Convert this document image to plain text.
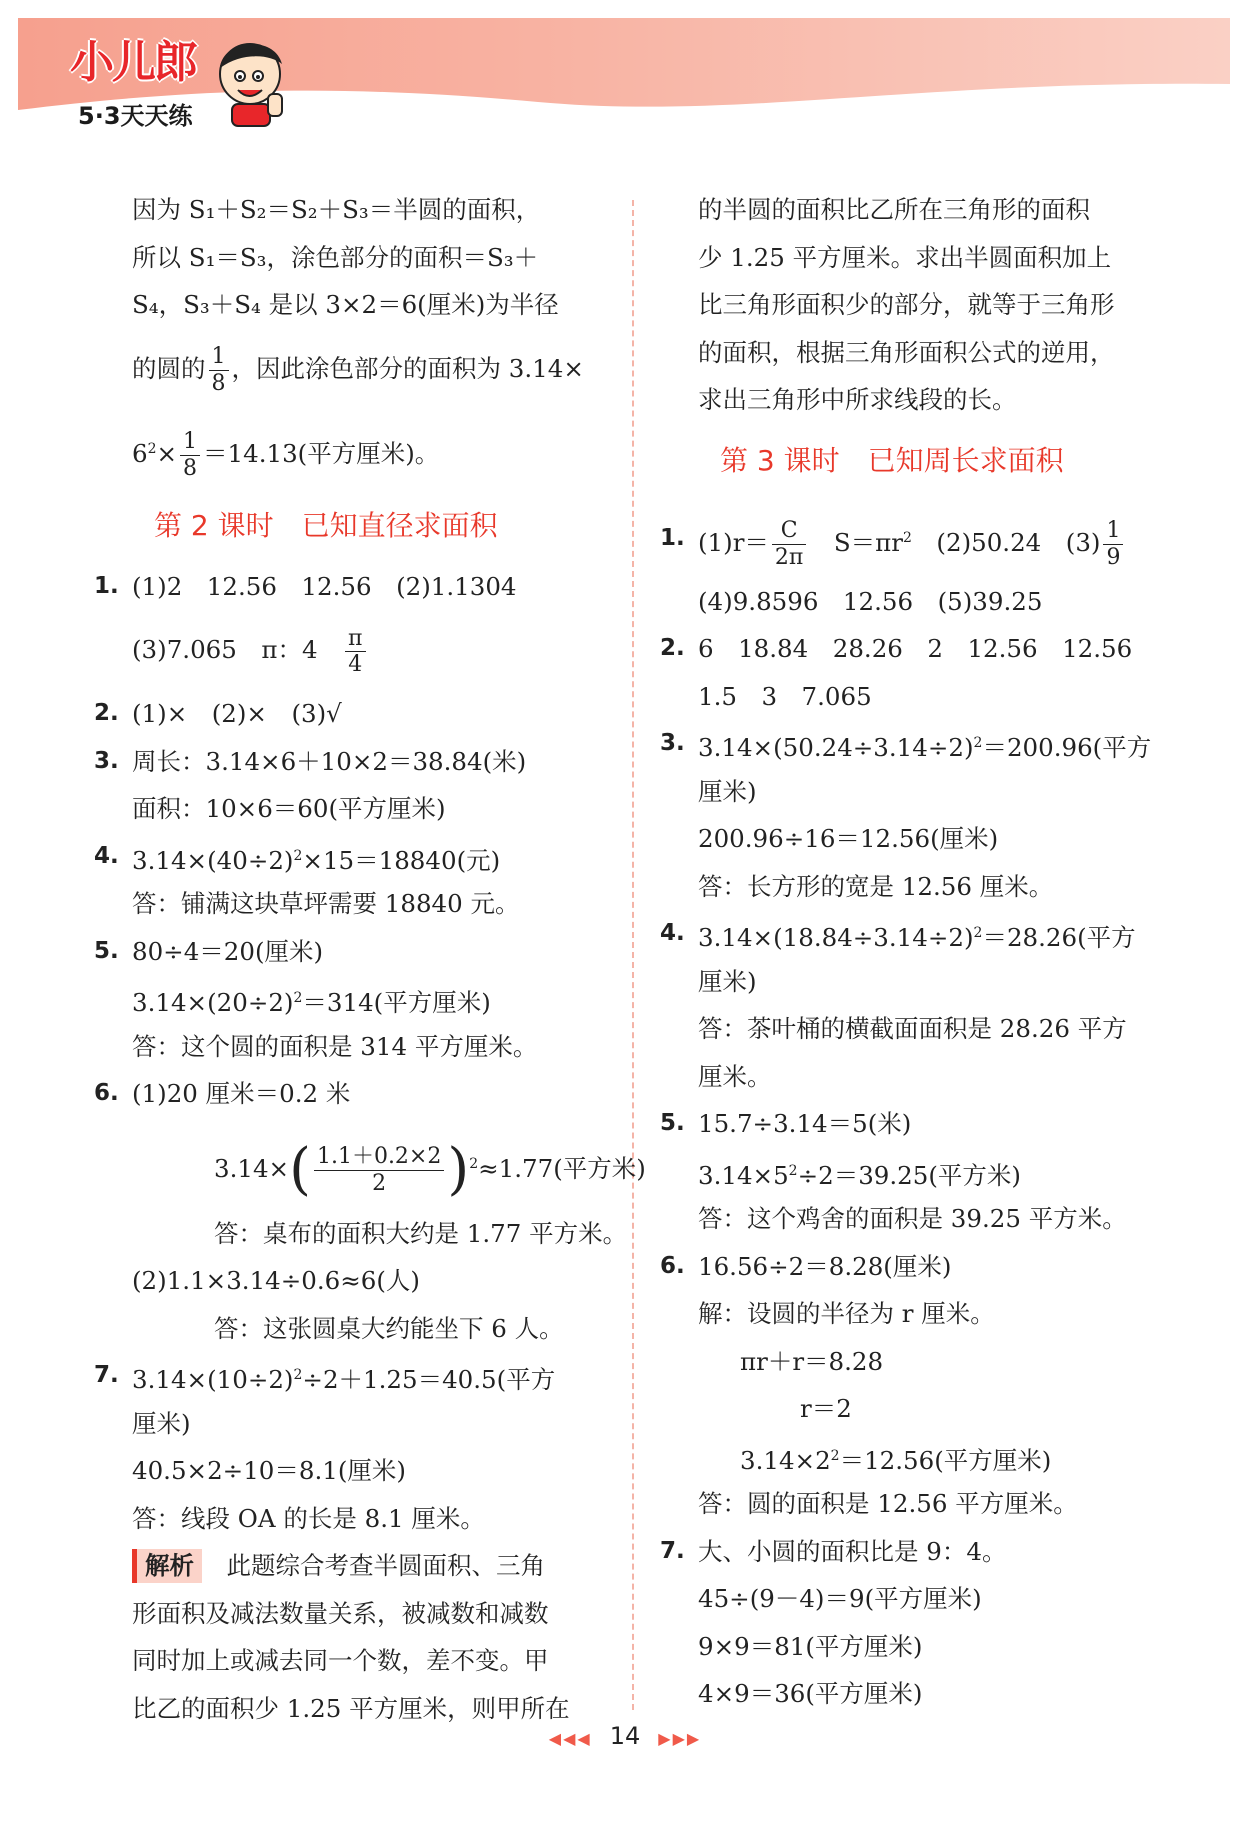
小儿郎
5·3天天练
因为 S₁＋S₂＝S₂＋S₃＝半圆的面积，
所以 S₁＝S₃，涂色部分的面积＝S₃＋
S₄，S₃＋S₄ 是以 3×2＝6(厘米)为半径
的圆的 $\frac{1}{8}$ ，因此涂色部分的面积为 3.14×
$6^2\times \frac{1}{8} =14.13$(平方厘米)。
第 2 课时　已知直径求面积
1. (1)2　12.56　12.56　(2)1.1304
(3)7.065　π：4　 $\frac{\pi}{4}$
2. (1)×　(2)×　(3)√
3. 周长：3.14×6＋10×2＝38.84(米)
面积：10×6＝60(平方厘米)
4. $3.14\times(40\div 2)^2\times 15=18840$(元)
答：铺满这块草坪需要 18840 元。
5. 80÷4＝20(厘米)
$3.14\times(20\div 2)^2=314$(平方厘米)
答：这个圆的面积是 314 平方厘米。
6. (1)20 厘米＝0.2 米
$3.14\times( \frac{1.1+0.2\times 2}{2} )^2\approx 1.77$(平方米)
答：桌布的面积大约是 1.77 平方米。
(2)1.1×3.14÷0.6≈6(人)
答：这张圆桌大约能坐下 6 人。
7. $3.14\times(10\div 2)^2\div 2+1.25=40.5$(平方
厘米)
40.5×2÷10＝8.1(厘米)
答：线段 OA 的长是 8.1 厘米。
解析　 此题综合考查半圆面积、三角
形面积及减法数量关系，被减数和减数
同时加上或减去同一个数，差不变。甲
比乙的面积少 1.25 平方厘米，则甲所在
的半圆的面积比乙所在三角形的面积
少 1.25 平方厘米。求出半圆面积加上
比三角形面积少的部分，就等于三角形
的面积，根据三角形面积公式的逆用，
求出三角形中所求线段的长。
第 3 课时　已知周长求面积
1. $(1)r= \frac{C}{2\pi}$ 　$S=\pi r^2$　(2)50.24　$(3) \frac{1}{9}$
(4)9.8596　12.56　(5)39.25
2. 6　18.84　28.26　2　12.56　12.56
1.5　3　7.065
3. $3.14\times(50.24\div 3.14\div 2)^2=200.96$(平方
厘米)
200.96÷16＝12.56(厘米)
答：长方形的宽是 12.56 厘米。
4. $3.14\times(18.84\div 3.14\div 2)^2=28.26$(平方
厘米)
答：茶叶桶的横截面面积是 28.26 平方
厘米。
5. 15.7÷3.14＝5(米)
$3.14\times 5^2\div 2=39.25$(平方米)
答：这个鸡舍的面积是 39.25 平方米。
6. 16.56÷2＝8.28(厘米)
解：设圆的半径为 r 厘米。
πr＋r＝8.28
r＝2
$3.14\times 2^2=12.56$(平方厘米)
答：圆的面积是 12.56 平方厘米。
7. 大、小圆的面积比是 9：4。
45÷(9－4)＝9(平方厘米)
9×9＝81(平方厘米)
4×9＝36(平方厘米)
◀◀◀ 14 ▶▶▶
